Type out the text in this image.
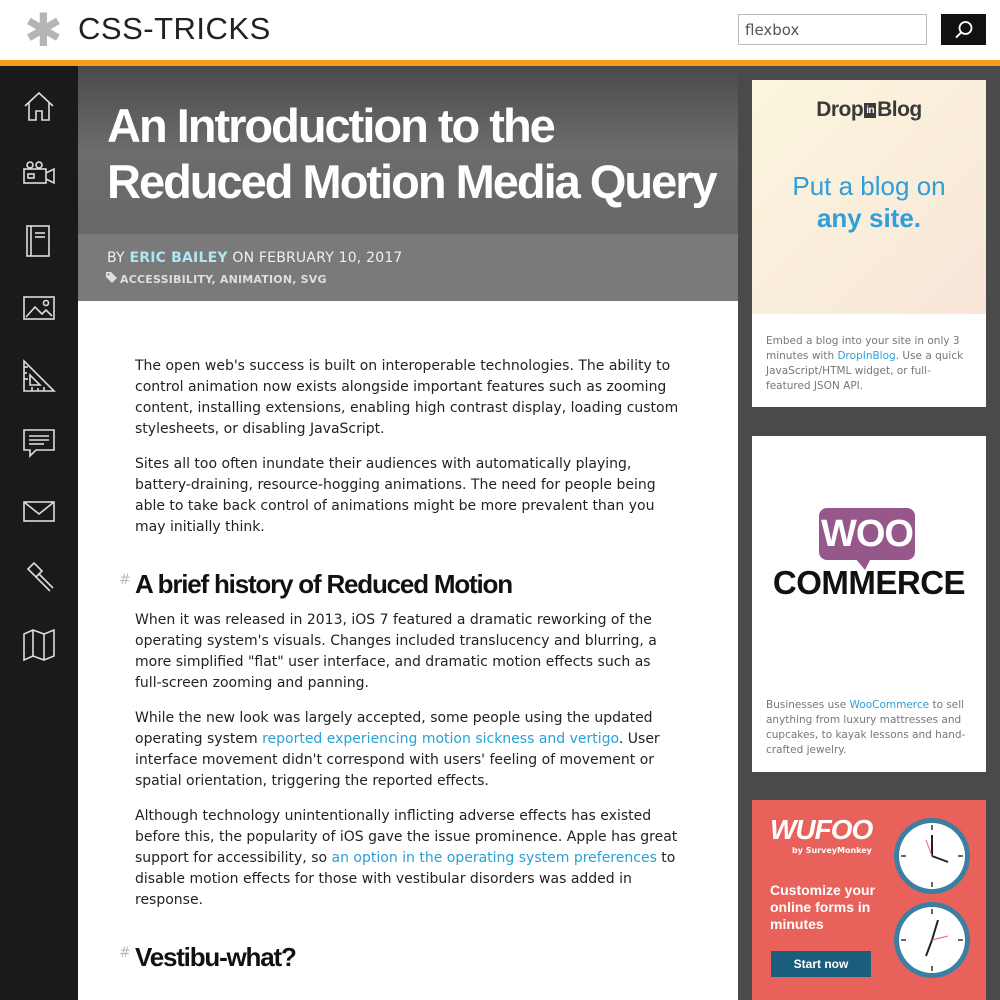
✱ CSS-TRICKS
flexbox
An Introduction to the Reduced Motion Media Query
BY ERIC BAILEY ON FEBRUARY 10, 2017
ACCESSIBILITY, ANIMATION, SVG

The open web's success is built on interoperable technologies. The ability to control animation now exists alongside important features such as zooming content, installing extensions, enabling high contrast display, loading custom stylesheets, or disabling JavaScript.

Sites all too often inundate their audiences with automatically playing, battery-draining, resource-hogging animations. The need for people being able to take back control of animations might be more prevalent than you may initially think.

# A brief history of Reduced Motion

When it was released in 2013, iOS 7 featured a dramatic reworking of the operating system's visuals. Changes included translucency and blurring, a more simplified "flat" user interface, and dramatic motion effects such as full-screen zooming and panning.

While the new look was largely accepted, some people using the updated operating system reported experiencing motion sickness and vertigo. User interface movement didn't correspond with users' feeling of movement or spatial orientation, triggering the reported effects.

Although technology unintentionally inflicting adverse effects has existed before this, the popularity of iOS gave the issue prominence. Apple has great support for accessibility, so an option in the operating system preferences to disable motion effects for those with vestibular disorders was added in response.

# Vestibu-what?
Drop in Blog
Put a blog on
any site.
Embed a blog into your site in only 3 minutes with DropInBlog. Use a quick JavaScript/HTML widget, or full-featured JSON API.
WOO
COMMERCE
Businesses use WooCommerce to sell anything from luxury mattresses and cupcakes, to kayak lessons and hand-crafted jewelry.
WUFOO
by SurveyMonkey
Customize your online forms in minutes
Start now
